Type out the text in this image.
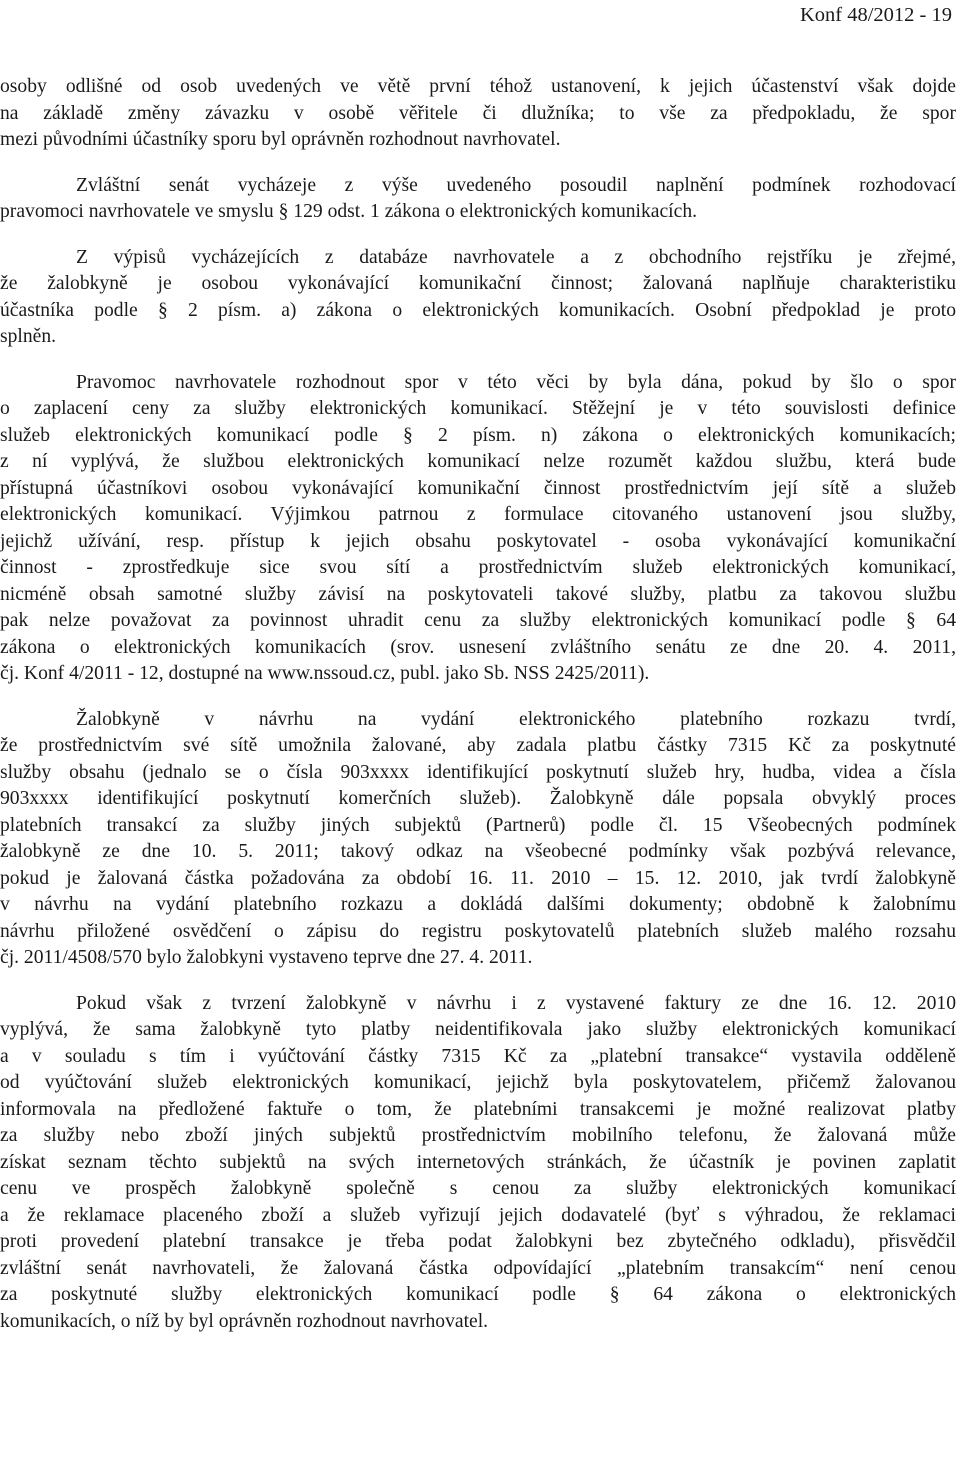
Konf 48/2012 - 19

osoby odlišné od osob uvedených ve větě první téhož ustanovení, k jejich účastenství však dojde
na základě změny závazku v osobě věřitele či dlužníka; to vše za předpokladu, že spor
mezi původními účastníky sporu byl oprávněn rozhodnout navrhovatel.

Zvláštní senát vycházeje z výše uvedeného posoudil naplnění podmínek rozhodovací
pravomoci navrhovatele ve smyslu § 129 odst. 1 zákona o elektronických komunikacích.

Z výpisů vycházejících z databáze navrhovatele a z obchodního rejstříku je zřejmé,
že žalobkyně je osobou vykonávající komunikační činnost; žalovaná naplňuje charakteristiku
účastníka podle § 2 písm. a) zákona o elektronických komunikacích. Osobní předpoklad je proto
splněn.

Pravomoc navrhovatele rozhodnout spor v této věci by byla dána, pokud by šlo o spor
o zaplacení ceny za služby elektronických komunikací. Stěžejní je v této souvislosti definice
služeb elektronických komunikací podle § 2 písm. n) zákona o elektronických komunikacích;
z ní vyplývá, že službou elektronických komunikací nelze rozumět každou službu, která bude
přístupná účastníkovi osobou vykonávající komunikační činnost prostřednictvím její sítě a služeb
elektronických komunikací. Výjimkou patrnou z formulace citovaného ustanovení jsou služby,
jejichž užívání, resp. přístup k jejich obsahu poskytovatel - osoba vykonávající komunikační
činnost - zprostředkuje sice svou sítí a prostřednictvím služeb elektronických komunikací,
nicméně obsah samotné služby závisí na poskytovateli takové služby, platbu za takovou službu
pak nelze považovat za povinnost uhradit cenu za služby elektronických komunikací podle § 64
zákona o elektronických komunikacích (srov. usnesení zvláštního senátu ze dne 20. 4. 2011,
čj. Konf 4/2011 - 12, dostupné na www.nssoud.cz, publ. jako Sb. NSS 2425/2011).

Žalobkyně v návrhu na vydání elektronického platebního rozkazu tvrdí,
že prostřednictvím své sítě umožnila žalované, aby zadala platbu částky 7315 Kč za poskytnuté
služby obsahu (jednalo se o čísla 903xxxx identifikující poskytnutí služeb hry, hudba, videa a čísla
903xxxx identifikující poskytnutí komerčních služeb). Žalobkyně dále popsala obvyklý proces
platebních transakcí za služby jiných subjektů (Partnerů) podle čl. 15 Všeobecných podmínek
žalobkyně ze dne 10. 5. 2011; takový odkaz na všeobecné podmínky však pozbývá relevance,
pokud je žalovaná částka požadována za období 16. 11. 2010 – 15. 12. 2010, jak tvrdí žalobkyně
v návrhu na vydání platebního rozkazu a dokládá dalšími dokumenty; obdobně k žalobnímu
návrhu přiložené osvědčení o zápisu do registru poskytovatelů platebních služeb malého rozsahu
čj. 2011/4508/570 bylo žalobkyni vystaveno teprve dne 27. 4. 2011.

Pokud však z tvrzení žalobkyně v návrhu i z vystavené faktury ze dne 16. 12. 2010
vyplývá, že sama žalobkyně tyto platby neidentifikovala jako služby elektronických komunikací
a v souladu s tím i vyúčtování částky 7315 Kč za „platební transakce“ vystavila odděleně
od vyúčtování služeb elektronických komunikací, jejichž byla poskytovatelem, přičemž žalovanou
informovala na předložené faktuře o tom, že platebními transakcemi je možné realizovat platby
za služby nebo zboží jiných subjektů prostřednictvím mobilního telefonu, že žalovaná může
získat seznam těchto subjektů na svých internetových stránkách, že účastník je povinen zaplatit
cenu ve prospěch žalobkyně společně s cenou za služby elektronických komunikací
a že reklamace placeného zboží a služeb vyřizují jejich dodavatelé (byť s výhradou, že reklamaci
proti provedení platební transakce je třeba podat žalobkyni bez zbytečného odkladu), přisvědčil
zvláštní senát navrhovateli, že žalovaná částka odpovídající „platebním transakcím“ není cenou
za poskytnuté služby elektronických komunikací podle § 64 zákona o elektronických
komunikacích, o níž by byl oprávněn rozhodnout navrhovatel.
